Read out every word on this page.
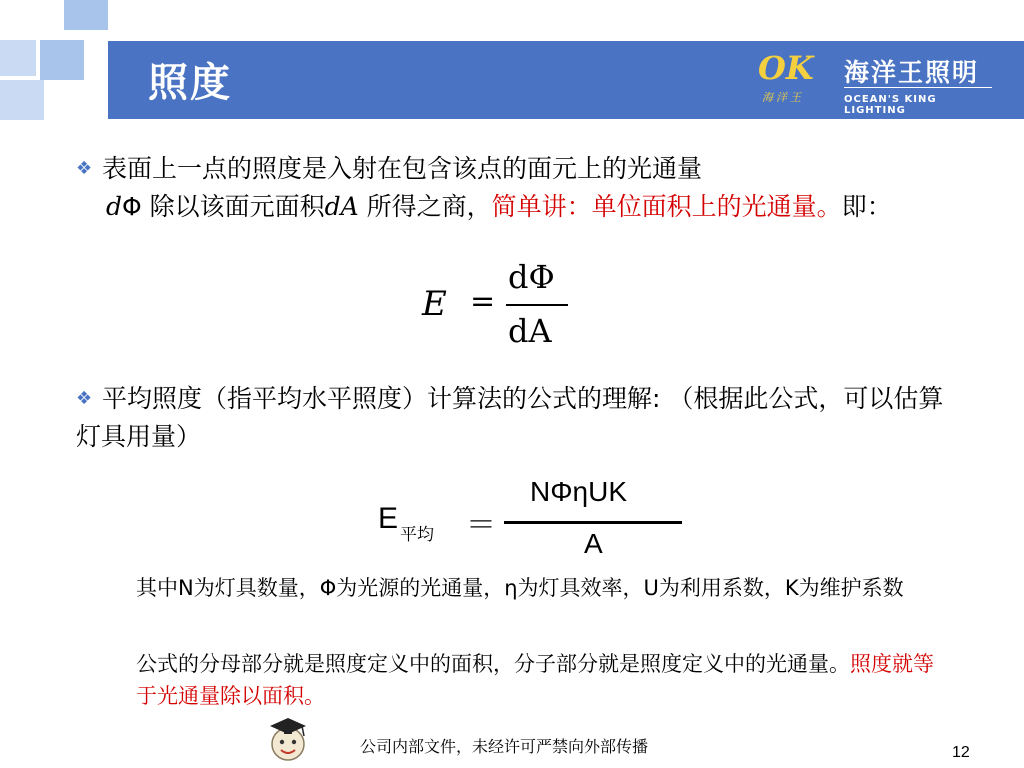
照度	OK
海洋王
海洋王照明
OCEAN'S KING LIGHTING
❖ 表面上一点的照度是入射在包含该点的面元上的光通量
dΦ 除以该面元面积dA 所得之商，简单讲：单位面积上的光通量。即：
E =
dΦ
dA
❖ 平均照度（指平均水平照度）计算法的公式的理解: （根据此公式，可以估算灯具用量）
E 平均 ＝
NΦηUK
A
其中N为灯具数量，Φ为光源的光通量，η为灯具效率，U为利用系数，K为维护系数
公式的分母部分就是照度定义中的面积，分子部分就是照度定义中的光通量。照度就等于光通量除以面积。
公司内部文件，未经许可严禁向外部传播	12
